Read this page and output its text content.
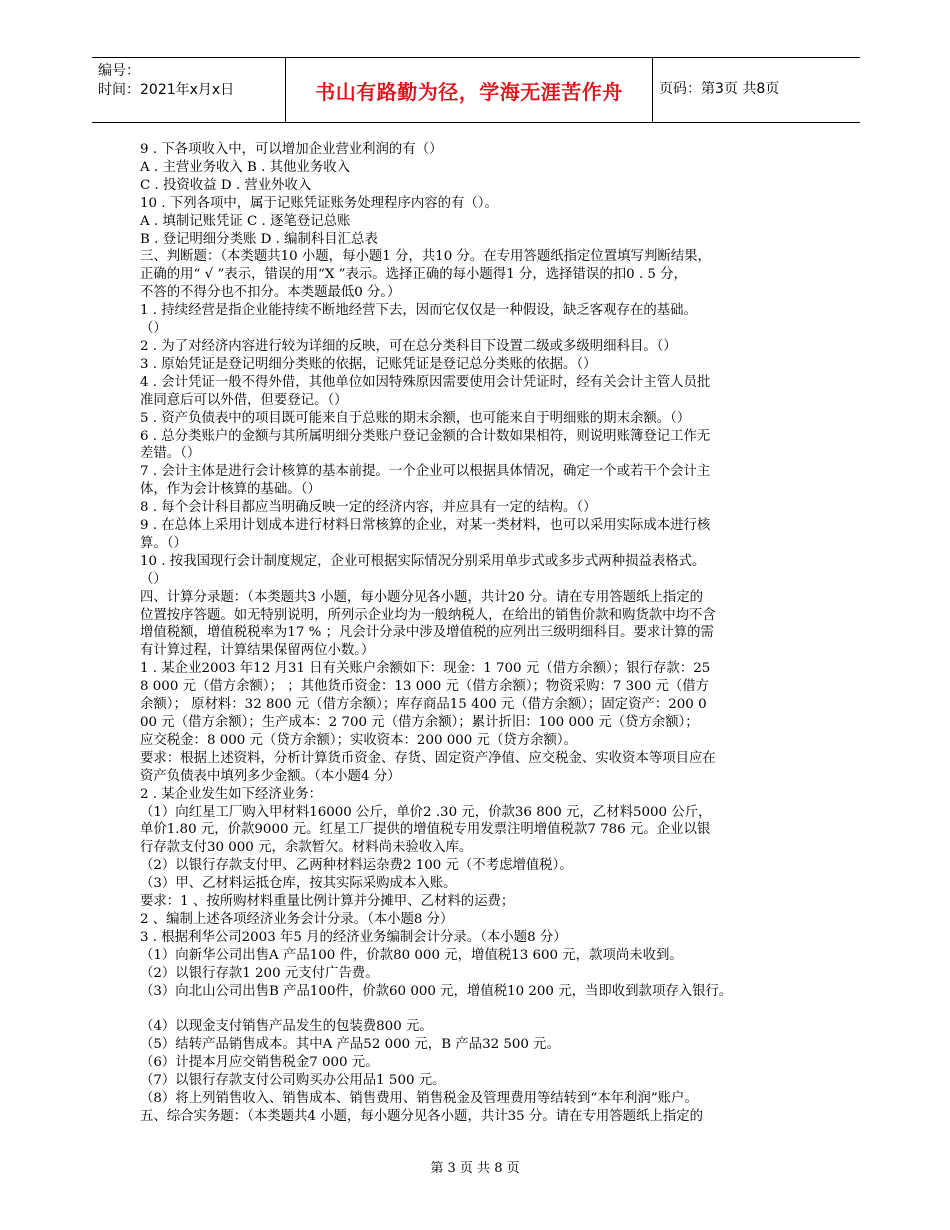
编号：
时间：2021年x月x日	书山有路勤为径，学海无涯苦作舟	页码：第3页 共8页
9 . 下各项收入中，可以增加企业营业利润的有（）
A . 主营业务收入 B . 其他业务收入
C . 投资收益 D . 营业外收入
10 . 下列各项中，属于记账凭证账务处理程序内容的有（）。
A . 填制记账凭证 C . 逐笔登记总账
B . 登记明细分类账 D . 编制科目汇总表
三、判断题：（本类题共10 小题，每小题1 分，共10 分。在专用答题纸指定位置填写判断结果，
正确的用“ √ ”表示，错误的用“X ”表示。选择正确的每小题得1 分，选择错误的扣0 . 5 分，
不答的不得分也不扣分。本类题最低0 分。）
1 . 持续经营是指企业能持续不断地经营下去，因而它仅仅是一种假设，缺乏客观存在的基础。
（）
2 . 为了对经济内容进行较为详细的反映，可在总分类科目下设置二级或多级明细科目。（）
3 . 原始凭证是登记明细分类账的依据，记账凭证是登记总分类账的依据。（）
4 . 会计凭证一般不得外借，其他单位如因特殊原因需要使用会计凭证时，经有关会计主管人员批
准同意后可以外借，但要登记。（）
5 . 资产负债表中的项目既可能来自于总账的期末余额，也可能来自于明细账的期末余额。（）
6 . 总分类账户的金额与其所属明细分类账户登记金额的合计数如果相符，则说明账簿登记工作无
差错。（）
7 . 会计主体是进行会计核算的基本前提。一个企业可以根据具体情况，确定一个或若干个会计主
体，作为会计核算的基础。（）
8 . 每个会计科目都应当明确反映一定的经济内容，并应具有一定的结构。（）
9 . 在总体上采用计划成本进行材料日常核算的企业，对某一类材料，也可以采用实际成本进行核
算。（）
10 . 按我国现行会计制度规定，企业可根据实际情况分别采用单步式或多步式两种损益表格式。
（）
四、计算分录题：（本类题共3 小题，每小题分见各小题，共计20 分。请在专用答题纸上指定的
位置按序答题。如无特别说明，所列示企业均为一般纳税人，在给出的销售价款和购货款中均不含
增值税额，增值税税率为17 % ；凡会计分录中涉及增值税的应列出三级明细科目。要求计算的需
有计算过程，计算结果保留两位小数。）
1 . 某企业2003 年12 月31 日有关账户余额如下：现金：1 700 元（借方余额）；银行存款：25
8 000 元（借方余额）； ；其他货币资金：13 000 元（借方余额）；物资采购：7 300 元（借方
余额）； 原材料：32 800 元（借方余额）；库存商品15 400 元（借方余额）；固定资产：200 0
00 元（借方余额）；生产成本：2 700 元（借方余额）；累计折旧：100 000 元（贷方余额）；
应交税金：8 000 元（贷方余额）；实收资本：200 000 元（贷方余额）。
要求：根据上述资料，分析计算货币资金、存货、固定资产净值、应交税金、实收资本等项目应在
资产负债表中填列多少金额。（本小题4 分）
2 . 某企业发生如下经济业务：
（1）向红星工厂购入甲材料16000 公斤，单价2 .30 元，价款36 800 元，乙材料5000 公斤，
单价1.80 元，价款9000 元。红星工厂提供的增值税专用发票注明增值税款7 786 元。企业以银
行存款支付30 000 元，余款暂欠。材料尚未验收入库。
（2）以银行存款支付甲、乙两种材料运杂费2 100 元（不考虑增值税）。
（3）甲、乙材料运抵仓库，按其实际采购成本入账。
要求：1 、按所购材料重量比例计算并分摊甲、乙材料的运费；
2 、编制上述各项经济业务会计分录。（本小题8 分）
3 . 根据利华公司2003 年5 月的经济业务编制会计分录。（本小题8 分）
（1）向新华公司出售A 产品100 件，价款80 000 元，增值税13 600 元，款项尚未收到。
（2）以银行存款1 200 元支付广告费。
（3）向北山公司出售B 产品100件，价款60 000 元，增值税10 200 元，当即收到款项存入银行。
（4）以现金支付销售产品发生的包装费800 元。
（5）结转产品销售成本。其中A 产品52 000 元，B 产品32 500 元。
（6）计提本月应交销售税金7 000 元。
（7）以银行存款支付公司购买办公用品1 500 元。
（8）将上列销售收入、销售成本、销售费用、销售税金及管理费用等结转到“本年利润”账户。
五、综合实务题：（本类题共4 小题，每小题分见各小题，共计35 分。请在专用答题纸上指定的
第 3 页 共 8 页
